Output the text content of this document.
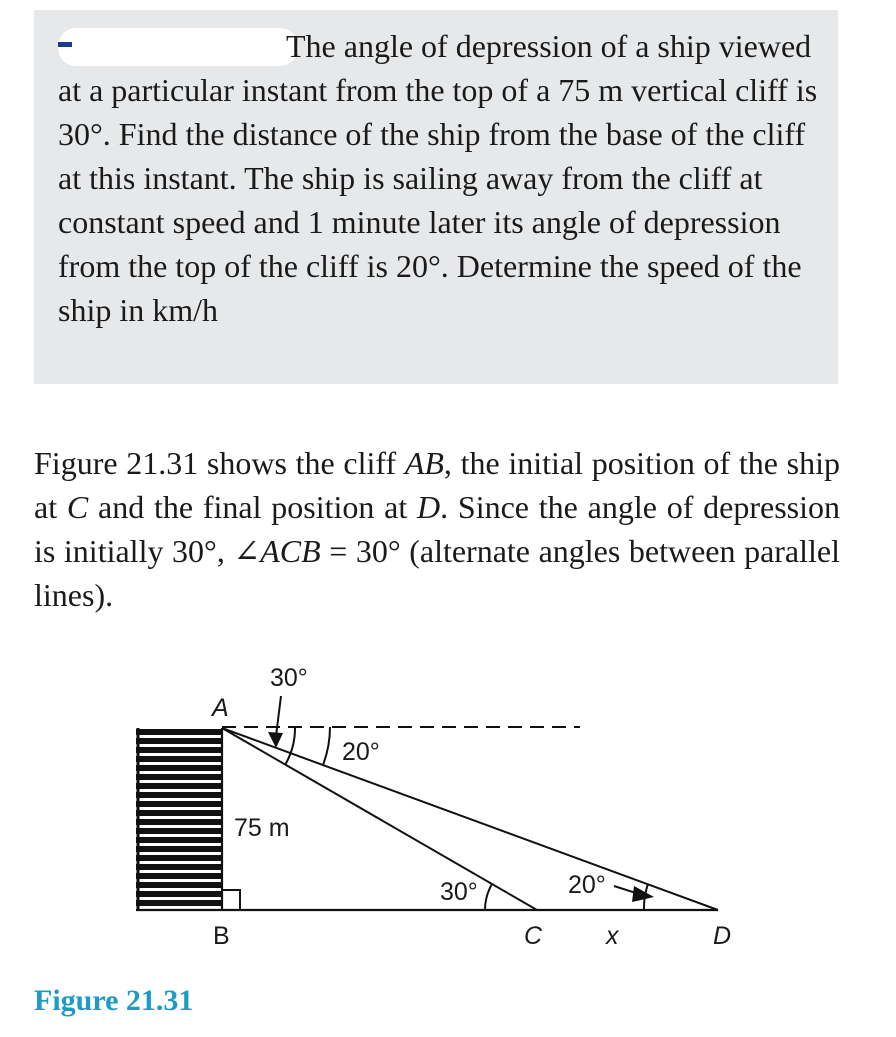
The angle of depression of a ship viewed at a particular instant from the top of a 75 m vertical cliff is 30°. Find the distance of the ship from the base of the cliff at this instant. The ship is sailing away from the cliff at constant speed and 1 minute later its angle of depression from the top of the cliff is 20°. Determine the speed of the ship in km/h
Figure 21.31 shows the cliff AB, the initial position of the ship at C and the final position at D. Since the angle of depression is initially 30°, ∠ACB = 30° (alternate angles between parallel lines).
A
B	C	D
x
75 m
30°
20°
30°	20°
Figure 21.31
